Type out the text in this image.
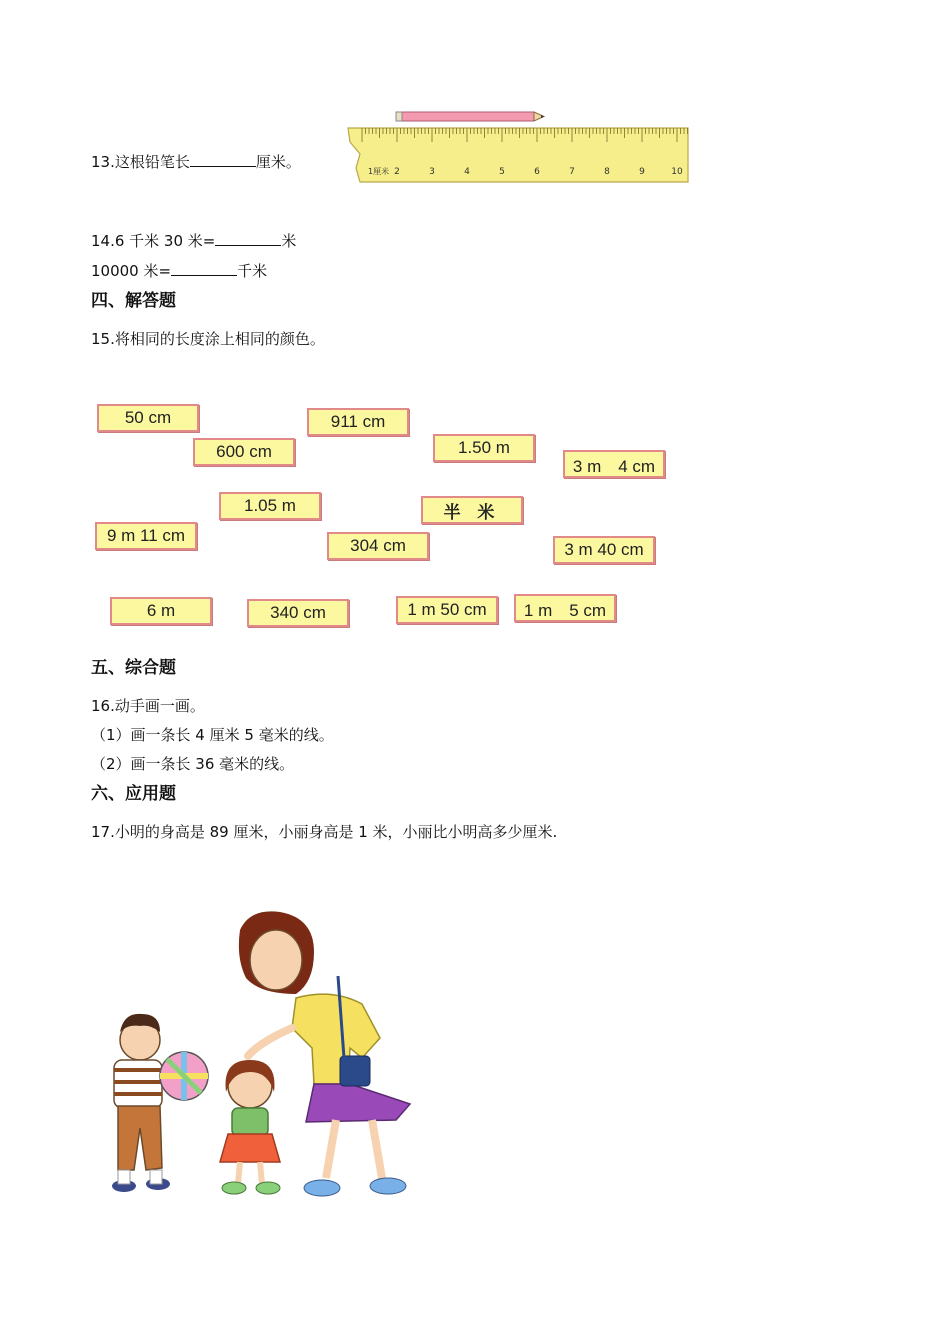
13.这根铅笔长	厘米。
1厘米 2	3	4	5	6	7	8	9	10
14.6 千米 30 米=	米
10000 米=	千米
四、解答题
15.将相同的长度涂上相同的颜色。
50 cm	911 cm
600 cm	1.50 m
3 m　4 cm
1.05 m	半 米
9 m 11 cm
304 cm	3 m 40 cm
6 m	340 cm	1 m 50 cm	1 m　5 cm
五、综合题
16.动手画一画。
（1）画一条长 4 厘米 5 毫米的线。
（2）画一条长 36 毫米的线。
六、应用题
17.小明的身高是 89 厘米，小丽身高是 1 米，小丽比小明高多少厘米.
